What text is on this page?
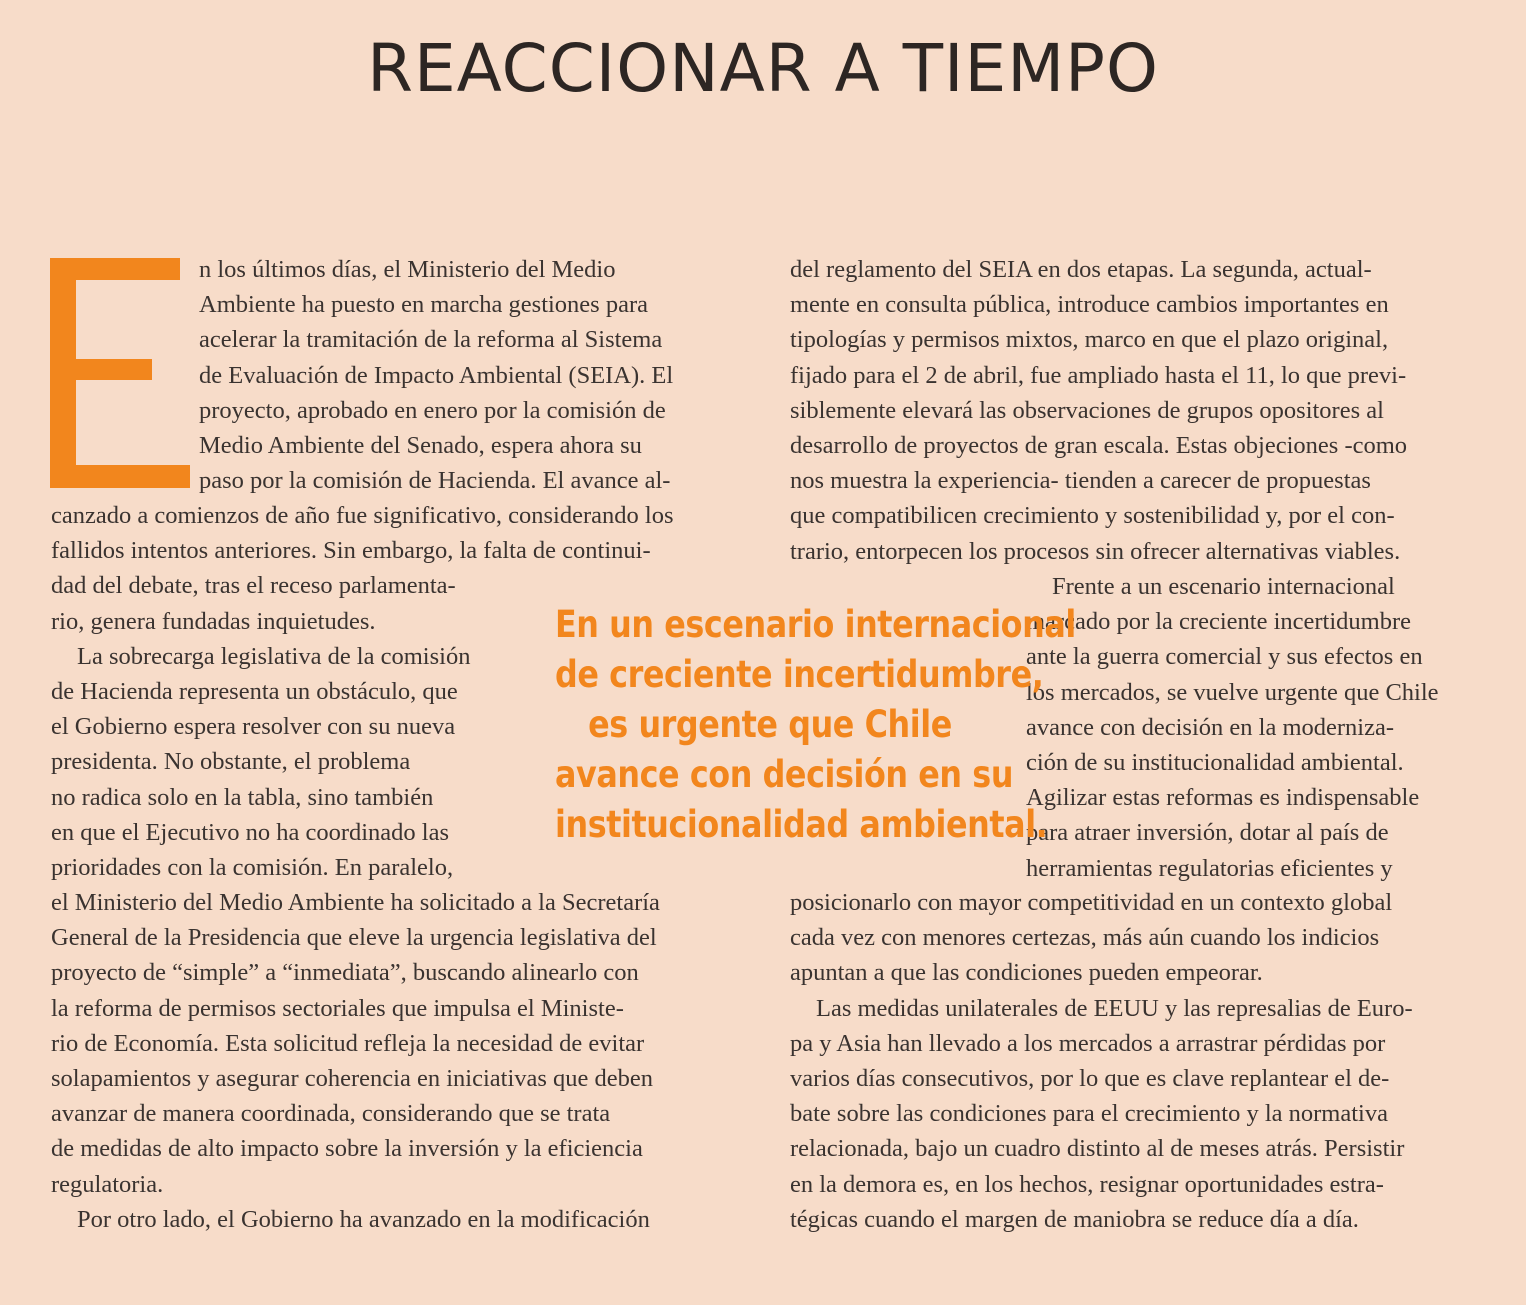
REACCIONAR A TIEMPO
n los últimos días, el Ministerio del Medio
Ambiente ha puesto en marcha gestiones para
acelerar la tramitación de la reforma al Sistema
de Evaluación de Impacto Ambiental (SEIA). El
proyecto, aprobado en enero por la comisión de
Medio Ambiente del Senado, espera ahora su
paso por la comisión de Hacienda. El avance al-
canzado a comienzos de año fue significativo, considerando los
fallidos intentos anteriores. Sin embargo, la falta de continui-
dad del debate, tras el receso parlamenta-
rio, genera fundadas inquietudes.
La sobrecarga legislativa de la comisión
de Hacienda representa un obstáculo, que
el Gobierno espera resolver con su nueva
presidenta. No obstante, el problema
no radica solo en la tabla, sino también
en que el Ejecutivo no ha coordinado las
prioridades con la comisión. En paralelo,
el Ministerio del Medio Ambiente ha solicitado a la Secretaría
General de la Presidencia que eleve la urgencia legislativa del
proyecto de “simple” a “inmediata”, buscando alinearlo con
la reforma de permisos sectoriales que impulsa el Ministe-
rio de Economía. Esta solicitud refleja la necesidad de evitar
solapamientos y asegurar coherencia en iniciativas que deben
avanzar de manera coordinada, considerando que se trata
de medidas de alto impacto sobre la inversión y la eficiencia
regulatoria.
Por otro lado, el Gobierno ha avanzado en la modificación
del reglamento del SEIA en dos etapas. La segunda, actual-
mente en consulta pública, introduce cambios importantes en
tipologías y permisos mixtos, marco en que el plazo original,
fijado para el 2 de abril, fue ampliado hasta el 11, lo que previ-
siblemente elevará las observaciones de grupos opositores al
desarrollo de proyectos de gran escala. Estas objeciones -como
nos muestra la experiencia- tienden a carecer de propuestas
que compatibilicen crecimiento y sostenibilidad y, por el con-
trario, entorpecen los procesos sin ofrecer alternativas viables.
Frente a un escenario internacional
marcado por la creciente incertidumbre
ante la guerra comercial y sus efectos en
los mercados, se vuelve urgente que Chile
avance con decisión en la moderniza-
ción de su institucionalidad ambiental.
Agilizar estas reformas es indispensable
para atraer inversión, dotar al país de
herramientas regulatorias eficientes y
posicionarlo con mayor competitividad en un contexto global
cada vez con menores certezas, más aún cuando los indicios
apuntan a que las condiciones pueden empeorar.
Las medidas unilaterales de EEUU y las represalias de Euro-
pa y Asia han llevado a los mercados a arrastrar pérdidas por
varios días consecutivos, por lo que es clave replantear el de-
bate sobre las condiciones para el crecimiento y la normativa
relacionada, bajo un cuadro distinto al de meses atrás. Persistir
en la demora es, en los hechos, resignar oportunidades estra-
tégicas cuando el margen de maniobra se reduce día a día.
En un escenario internacional
de creciente incertidumbre,
es urgente que Chile
avance con decisión en su
institucionalidad ambiental.
